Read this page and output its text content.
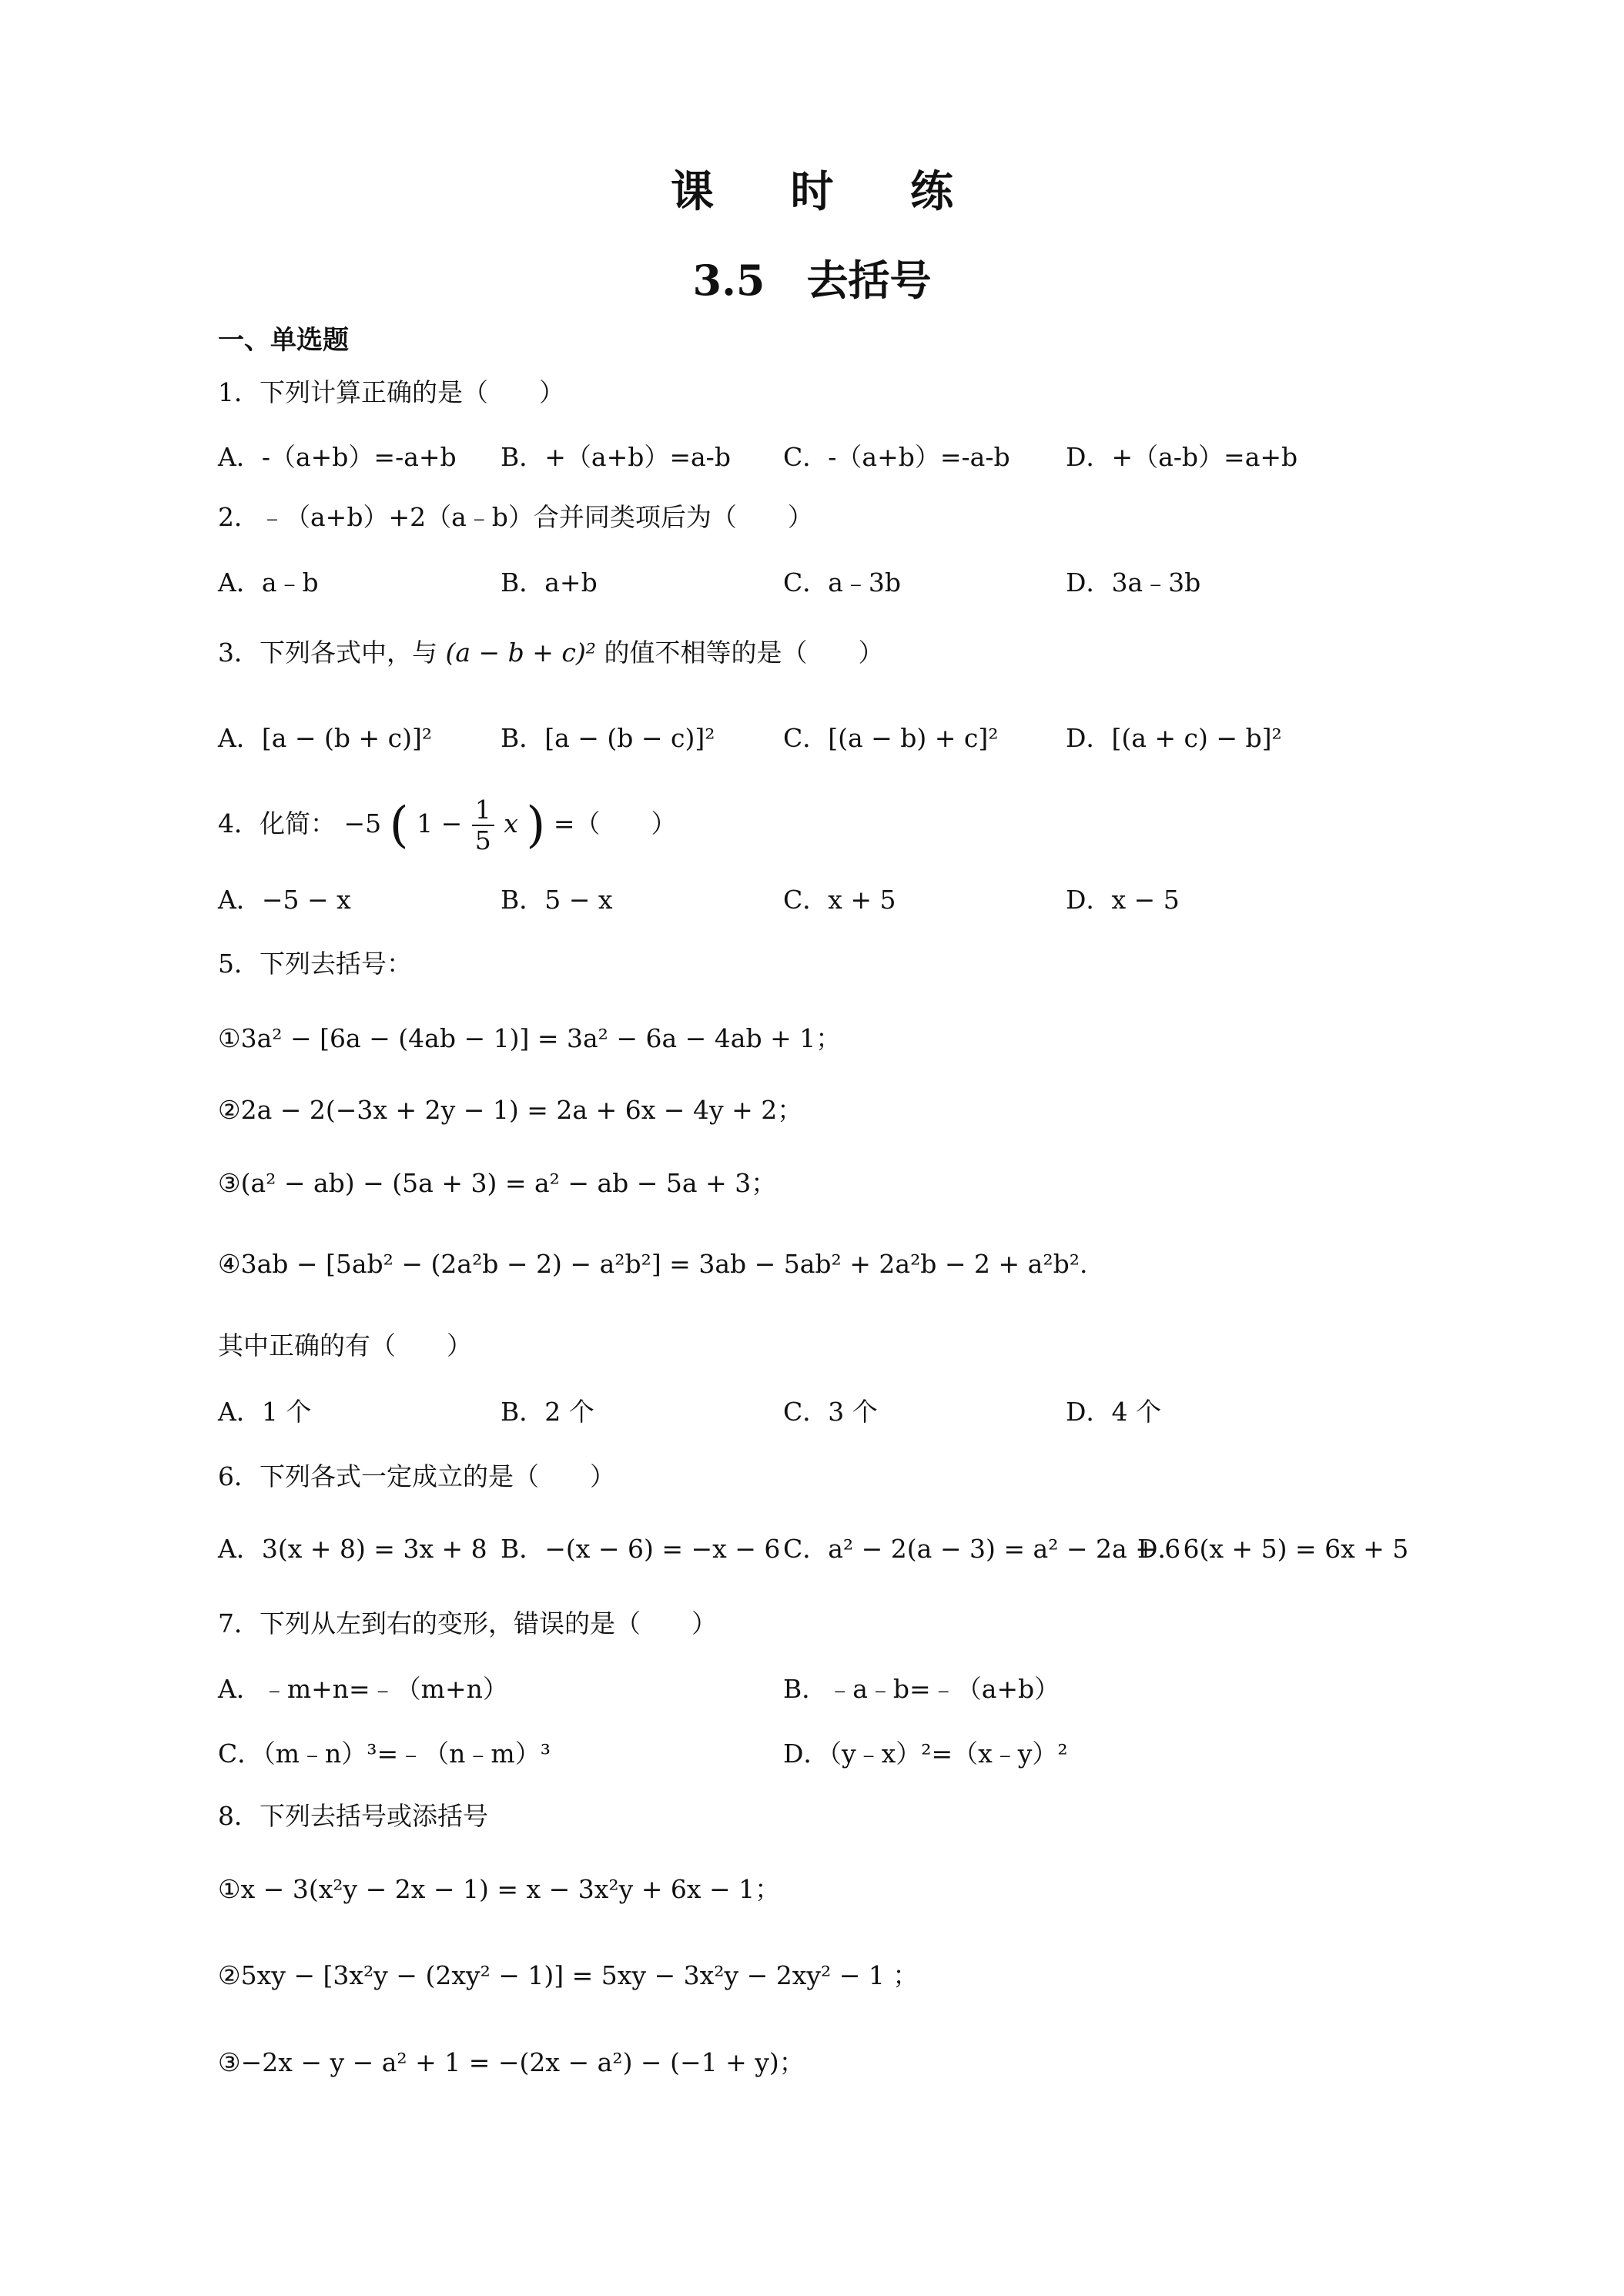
课 时 练
3.5　去括号
一、单选题
1．下列计算正确的是（　　）
A．-（a+b）=-a+b B．+（a+b）=a-b C．-（a+b）=-a-b D．+（a-b）=a+b
2．﹣（a+b）+2（a﹣b）合并同类项后为（　　）
A．a﹣b	B．a+b	C．a﹣3b	D．3a﹣3b
3．下列各式中，与 (a − b + c)² 的值不相等的是（　　）
A．[a − (b + c)]²	B．[a − (b − c)]²	C．[(a − b) + c]²	D．[(a + c) − b]²
4．化简： −5 ( $1 - \frac{1}{5}$ x ) =（　　）
A．−5 − x	B．5 − x	C．x + 5	D．x − 5
5．下列去括号：
①3a² − [6a − (4ab − 1)] = 3a² − 6a − 4ab + 1；
②2a − 2(−3x + 2y − 1) = 2a + 6x − 4y + 2；
③(a² − ab) − (5a + 3) = a² − ab − 5a + 3；
④3ab − [5ab² − (2a²b − 2) − a²b²] = 3ab − 5ab² + 2a²b − 2 + a²b².
其中正确的有（　　）
A．1 个	B．2 个	C．3 个	D．4 个
6．下列各式一定成立的是（　　）
A．3(x + 8) = 3x + 8 B．−(x − 6) = −x − 6 C．a² − 2(a − 3) = a² − 2a + 6
D．6(x + 5) = 6x + 5
7．下列从左到右的变形，错误的是（　　）
A．﹣m+n=﹣（m+n）	B．﹣a﹣b=﹣（a+b）
C．（m﹣n）³=﹣（n﹣m）³	D．（y﹣x）²=（x﹣y）²
8．下列去括号或添括号
①x − 3(x²y − 2x − 1) = x − 3x²y + 6x − 1；
②5xy − [3x²y − (2xy² − 1)] = 5xy − 3x²y − 2xy² − 1 ；
③−2x − y − a² + 1 = −(2x − a²) − (−1 + y)；
